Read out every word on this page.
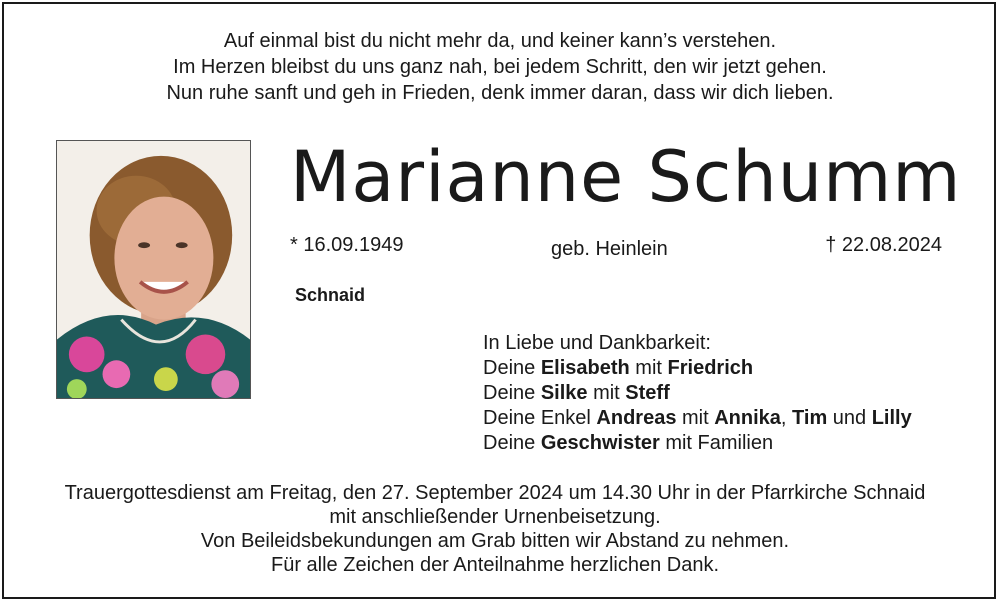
Auf einmal bist du nicht mehr da, und keiner kann’s verstehen.
Im Herzen bleibst du uns ganz nah, bei jedem Schritt, den wir jetzt gehen.
Nun ruhe sanft und geh in Frieden, denk immer daran, dass wir dich lieben.
Marianne Schumm
* 16.09.1949	geb. Heinlein	† 22.08.2024
Schnaid
In Liebe und Dankbarkeit:
Deine Elisabeth mit Friedrich
Deine Silke mit Steff
Deine Enkel Andreas mit Annika, Tim und Lilly
Deine Geschwister mit Familien
Trauergottesdienst am Freitag, den 27. September 2024 um 14.30 Uhr in der Pfarrkirche Schnaid
mit anschließender Urnenbeisetzung.
Von Beileidsbekundungen am Grab bitten wir Abstand zu nehmen.
Für alle Zeichen der Anteilnahme herzlichen Dank.
